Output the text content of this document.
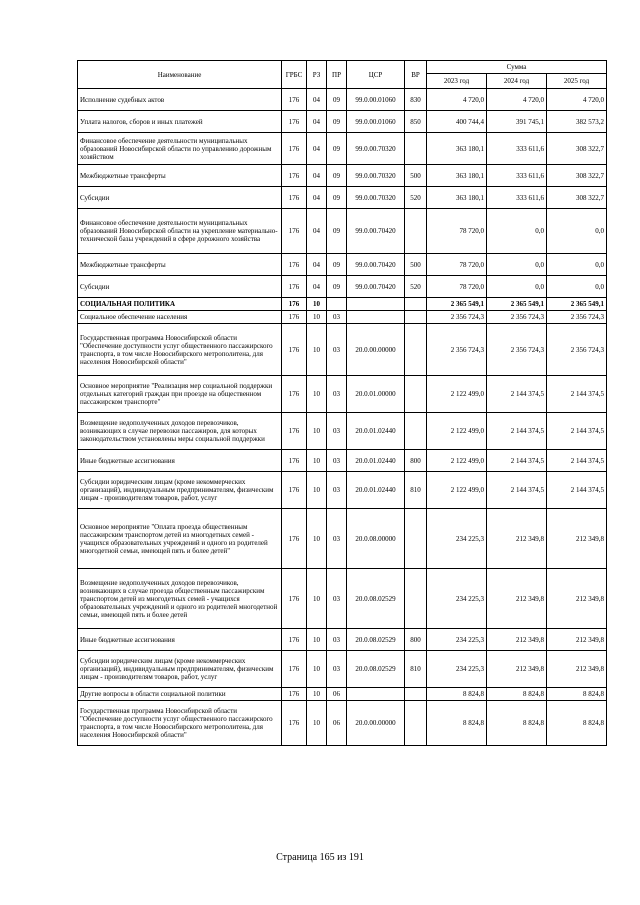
Наименование	ГРБС	РЗ	ПР	ЦСР	ВР	Сумма		
						2023 год	2024 год	2025 год
Исполнение судебных актов	176	04	09	99.0.00.01060	830	4 720,0	4 720,0	4 720,0
Уплата налогов, сборов и иных платежей	176	04	09	99.0.00.01060	850	400 744,4	391 745,1	382 573,2
Финансовое обеспечение деятельности муниципальных образований Новосибирской области по управлению дорожным хозяйством	176	04	09	99.0.00.70320		363 180,1	333 611,6	308 322,7
Межбюджетные трансферты	176	04	09	99.0.00.70320	500	363 180,1	333 611,6	308 322,7
Субсидии	176	04	09	99.0.00.70320	520	363 180,1	333 611,6	308 322,7
Финансовое обеспечение деятельности муниципальных образований Новосибирской области на укрепление материально-технической базы учреждений в сфере дорожного хозяйства	176	04	09	99.0.00.70420		78 720,0	0,0	0,0
Межбюджетные трансферты	176	04	09	99.0.00.70420	500	78 720,0	0,0	0,0
Субсидии	176	04	09	99.0.00.70420	520	78 720,0	0,0	0,0
СОЦИАЛЬНАЯ ПОЛИТИКА	176	10				2 365 549,1	2 365 549,1	2 365 549,1
Социальное обеспечение населения	176	10	03			2 356 724,3	2 356 724,3	2 356 724,3
Государственная программа Новосибирской области "Обеспечение доступности услуг общественного пассажирского транспорта, в том числе Новосибирского метрополитена, для населения Новосибирской области"	176	10	03	20.0.00.00000		2 356 724,3	2 356 724,3	2 356 724,3
Основное мероприятие "Реализация мер социальной поддержки отдельных категорий граждан при проезде на общественном пассажирском транспорте"	176	10	03	20.0.01.00000		2 122 499,0	2 144 374,5	2 144 374,5
Возмещение недополученных доходов перевозчиков, возникающих в случае перевозки пассажиров, для которых законодательством установлены меры социальной поддержки	176	10	03	20.0.01.02440		2 122 499,0	2 144 374,5	2 144 374,5
Иные бюджетные ассигнования	176	10	03	20.0.01.02440	800	2 122 499,0	2 144 374,5	2 144 374,5
Субсидии юридическим лицам (кроме некоммерческих организаций), индивидуальным предпринимателям, физическим лицам - производителям товаров, работ, услуг	176	10	03	20.0.01.02440	810	2 122 499,0	2 144 374,5	2 144 374,5
Основное мероприятие "Оплата проезда общественным пассажирским транспортом детей из многодетных семей - учащихся образовательных учреждений и одного из родителей многодетной семьи, имеющей пять и более детей"	176	10	03	20.0.08.00000		234 225,3	212 349,8	212 349,8
Возмещение недополученных доходов перевозчиков, возникающих в случае проезда общественным пассажирским транспортом детей из многодетных семей - учащихся образовательных учреждений и одного из родителей многодетной семьи, имеющей пять и более детей	176	10	03	20.0.08.02529		234 225,3	212 349,8	212 349,8
Иные бюджетные ассигнования	176	10	03	20.0.08.02529	800	234 225,3	212 349,8	212 349,8
Субсидии юридическим лицам (кроме некоммерческих организаций), индивидуальным предпринимателям, физическим лицам - производителям товаров, работ, услуг	176	10	03	20.0.08.02529	810	234 225,3	212 349,8	212 349,8
Другие вопросы в области социальной политики	176	10	06			8 824,8	8 824,8	8 824,8
Государственная программа Новосибирской области "Обеспечение доступности услуг общественного пассажирского транспорта, в том числе Новосибирского метрополитена, для населения Новосибирской области"	176	10	06	20.0.00.00000		8 824,8	8 824,8	8 824,8
Страница 165 из 191
